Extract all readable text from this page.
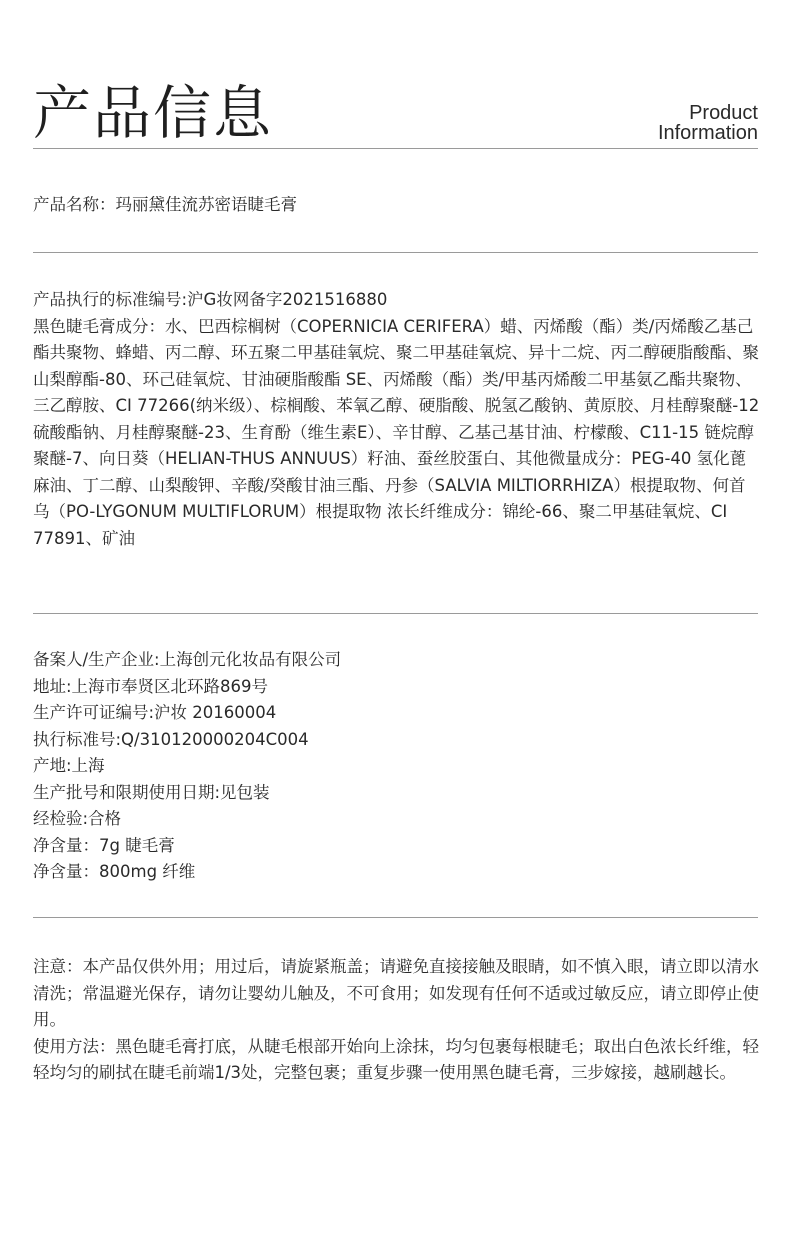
产品信息	Product
Information

产品名称：玛丽黛佳流苏密语睫毛膏

产品执行的标准编号:沪G妆网备字2021516880

黑色睫毛膏成分：水、巴西棕榈树（COPERNICIA CERIFERA）蜡、丙烯酸（酯）类/丙烯酸乙基己酯共聚物、蜂蜡、丙二醇、环五聚二甲基硅氧烷、聚二甲基硅氧烷、异十二烷、丙二醇硬脂酸酯、聚山梨醇酯-80、环己硅氧烷、甘油硬脂酸酯 SE、丙烯酸（酯）类/甲基丙烯酸二甲基氨乙酯共聚物、三乙醇胺、CI 77266(纳米级）、棕榈酸、苯氧乙醇、硬脂酸、脱氢乙酸钠、黄原胶、月桂醇聚醚-12 硫酸酯钠、月桂醇聚醚-23、生育酚（维生素E）、辛甘醇、乙基己基甘油、柠檬酸、C11-15 链烷醇聚醚-7、向日葵（HELIAN-THUS ANNUUS）籽油、蚕丝胶蛋白、其他微量成分：PEG-40 氢化蓖麻油、丁二醇、山梨酸钾、辛酸/癸酸甘油三酯、丹参（SALVIA MILTIORRHIZA）根提取物、何首乌（PO-LYGONUM MULTIFLORUM）根提取物 浓长纤维成分：锦纶-66、聚二甲基硅氧烷、CI 77891、矿油

备案人/生产企业:上海创元化妆品有限公司

地址:上海市奉贤区北环路869号

生产许可证编号:沪妆 20160004

执行标准号:Q/310120000204C004

产地:上海

生产批号和限期使用日期:见包装

经检验:合格

净含量：7g 睫毛膏

净含量：800mg 纤维

注意：本产品仅供外用；用过后，请旋紧瓶盖；请避免直接接触及眼睛，如不慎入眼，请立即以清水清洗；常温避光保存，请勿让婴幼儿触及，不可食用；如发现有任何不适或过敏反应，请立即停止使用。

使用方法：黑色睫毛膏打底，从睫毛根部开始向上涂抹，均匀包裹每根睫毛；取出白色浓长纤维，轻轻均匀的刷拭在睫毛前端1/3处，完整包裹；重复步骤一使用黑色睫毛膏，三步嫁接，越刷越长。
